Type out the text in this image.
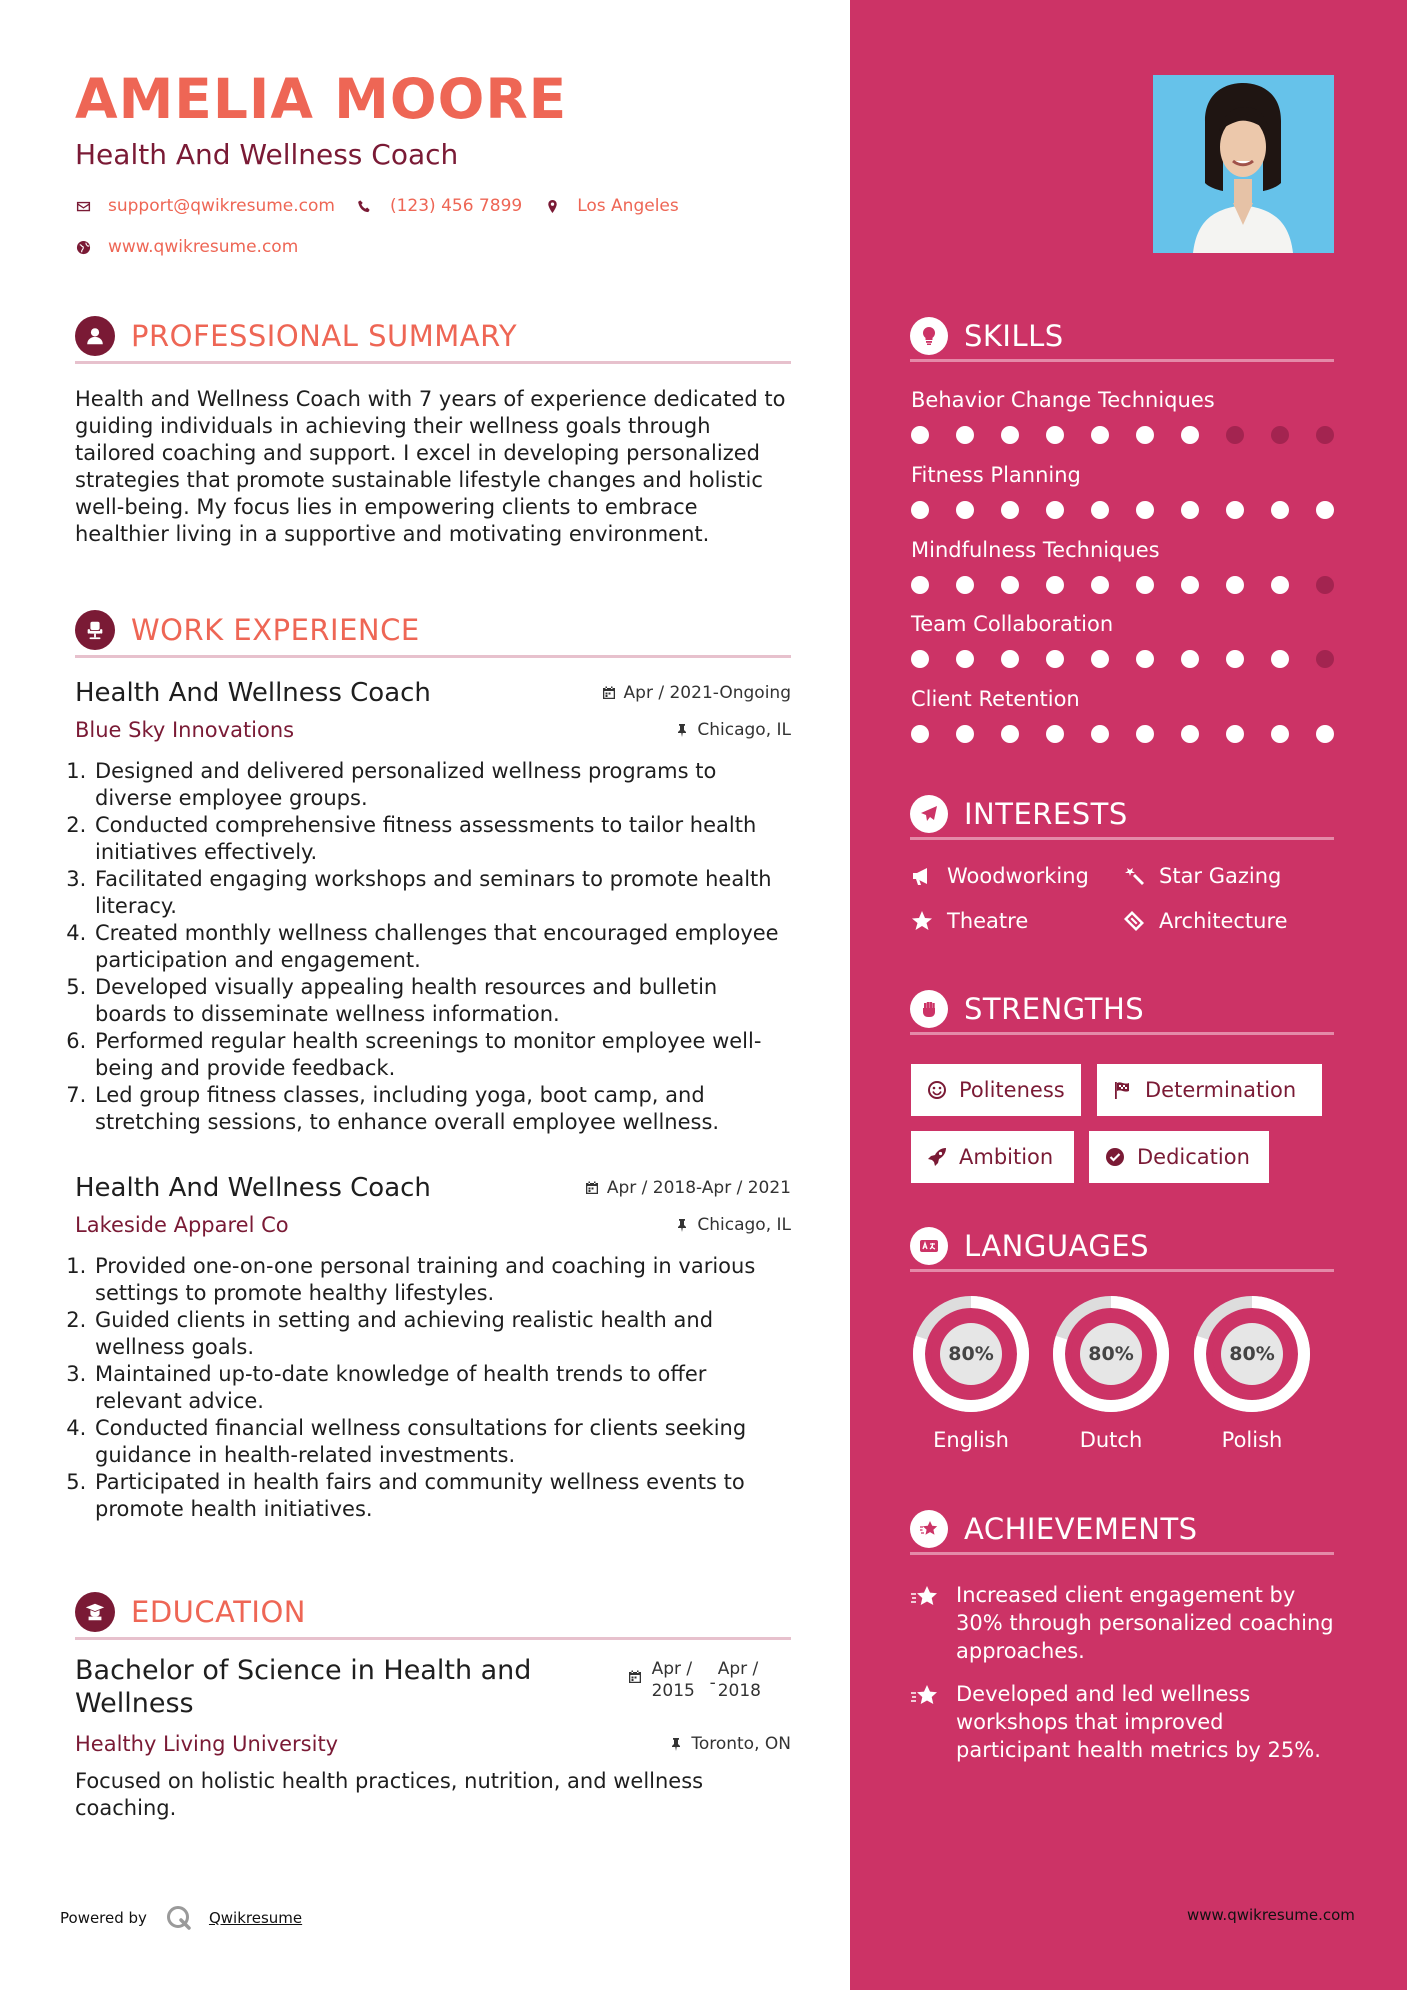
AMELIA MOORE
Health And Wellness Coach
support@qwikresume.com	(123) 456 7899	Los Angeles
www.qwikresume.com
PROFESSIONAL SUMMARY
Health and Wellness Coach with 7 years of experience dedicated to guiding individuals in achieving their wellness goals through tailored coaching and support. I excel in developing personalized strategies that promote sustainable lifestyle changes and holistic well-being. My focus lies in empowering clients to embrace healthier living in a supportive and motivating environment.
WORK EXPERIENCE
Health And Wellness Coach	Apr / 2021-Ongoing
Blue Sky Innovations	Chicago, IL
1. Designed and delivered personalized wellness programs to diverse employee groups.
2. Conducted comprehensive fitness assessments to tailor health initiatives effectively.
3. Facilitated engaging workshops and seminars to promote health literacy.
4. Created monthly wellness challenges that encouraged employee participation and engagement.
5. Developed visually appealing health resources and bulletin boards to disseminate wellness information.
6. Performed regular health screenings to monitor employee well-being and provide feedback.
7. Led group fitness classes, including yoga, boot camp, and stretching sessions, to enhance overall employee wellness.
Health And Wellness Coach	Apr / 2018-Apr / 2021
Lakeside Apparel Co	Chicago, IL
1. Provided one-on-one personal training and coaching in various settings to promote healthy lifestyles.
2. Guided clients in setting and achieving realistic health and wellness goals.
3. Maintained up-to-date knowledge of health trends to offer relevant advice.
4. Conducted financial wellness consultations for clients seeking guidance in health-related investments.
5. Participated in health fairs and community wellness events to promote health initiatives.
EDUCATION
Bachelor of Science in Health and Wellness
Apr /
2015 -
Apr /
2018
Healthy Living University	Toronto, ON
Focused on holistic health practices, nutrition, and wellness coaching.
Powered by	Qwikresume	www.qwikresume.com
SKILLS
Behavior Change Techniques
Fitness Planning
Mindfulness Techniques
Team Collaboration
Client Retention
INTERESTS
Woodworking	Star Gazing
Theatre	Architecture
STRENGTHS
Politeness	Determination
Ambition	Dedication
LANGUAGES
80%
English
80%
Dutch
80%
Polish
ACHIEVEMENTS
Increased client engagement by 30% through personalized coaching approaches.
Developed and led wellness workshops that improved participant health metrics by 25%.
